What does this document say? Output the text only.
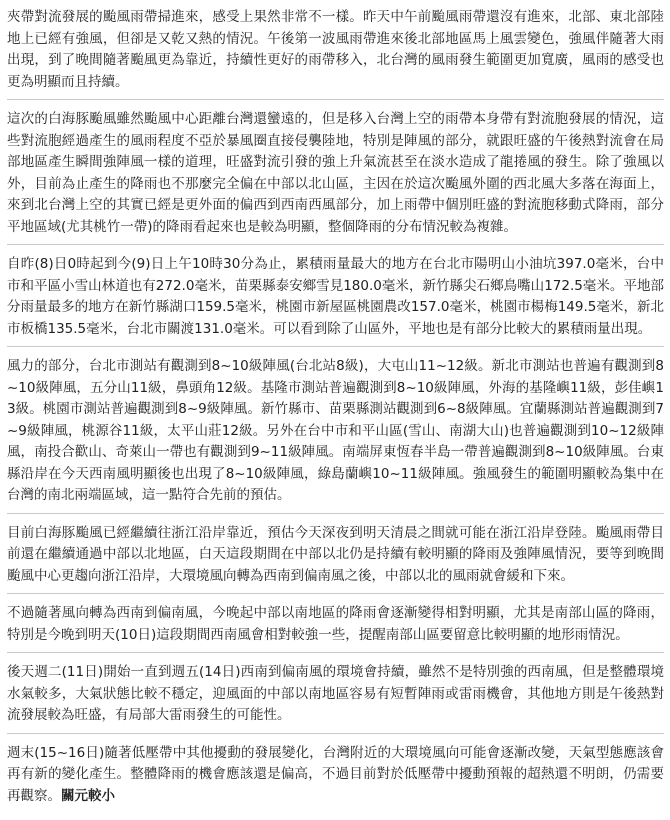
夾帶對流發展的颱風雨帶掃進來，感受上果然非常不一樣。昨天中午前颱風雨帶還沒有進來，北部、東北部陸地上已經有強風，但卻是又乾又熱的情況。午後第一波風雨帶進來後北部地區馬上風雲變色，強風伴隨著大雨出現，到了晚間隨著颱風更為靠近，持續性更好的雨帶移入，北台灣的風雨發生範圍更加寬廣，風雨的感受也更為明顯而且持續。

這次的白海豚颱風雖然颱風中心距離台灣還蠻遠的，但是移入台灣上空的雨帶本身帶有對流胞發展的情況，這些對流胞經過產生的風雨程度不亞於暴風圈直接侵襲陸地，特別是陣風的部分，就跟旺盛的午後熱對流會在局部地區產生瞬間強陣風一樣的道理，旺盛對流引發的強上升氣流甚至在淡水造成了龍捲風的發生。除了強風以外，目前為止產生的降雨也不那麼完全偏在中部以北山區，主因在於這次颱風外圍的西北風大多落在海面上，來到北台灣上空的其實已經是更外面的偏西到西南西風部分，加上雨帶中個別旺盛的對流胞移動式降雨，部分平地區域(尤其桃竹一帶)的降雨看起來也是較為明顯，整個降雨的分布情況較為複雜。

自昨(8)日0時起到今(9)日上午10時30分為止，累積雨量最大的地方在台北市陽明山小油坑397.0毫米，台中市和平區小雪山林道也有272.0毫米，苗栗縣泰安鄉雪見180.0毫米，新竹縣尖石鄉鳥嘴山172.5毫米。平地部分雨量最多的地方在新竹縣湖口159.5毫米，桃園市新屋區桃園農改157.0毫米，桃園市楊梅149.5毫米，新北市板橋135.5毫米，台北市關渡131.0毫米。可以看到除了山區外，平地也是有部分比較大的累積雨量出現。

風力的部分，台北市測站有觀測到8~10級陣風(台北站8級)，大屯山11~12級。新北市測站也普遍有觀測到8~10級陣風，五分山11級，鼻頭角12級。基隆市測站普遍觀測到8~10級陣風，外海的基隆嶼11級，彭佳嶼13級。桃園市測站普遍觀測到8~9級陣風。新竹縣市、苗栗縣測站觀測到6~8級陣風。宜蘭縣測站普遍觀測到7~9級陣風，桃源谷11級，太平山莊12級。另外在台中市和平山區(雪山、南湖大山)也普遍觀測到10~12級陣風，南投合歡山、奇萊山一帶也有觀測到9~11級陣風。南端屏東恆春半島一帶普遍觀測到8~10級陣風。台東縣沿岸在今天西南風明顯後也出現了8~10級陣風，綠島蘭嶼10~11級陣風。強風發生的範圍明顯較為集中在台灣的南北兩端區域，這一點符合先前的預估。

目前白海豚颱風已經繼續往浙江沿岸靠近，預估今天深夜到明天清晨之間就可能在浙江沿岸登陸。颱風雨帶目前還在繼續通過中部以北地區，白天這段期間在中部以北仍是持續有較明顯的降雨及強陣風情況，要等到晚間颱風中心更趨向浙江沿岸，大環境風向轉為西南到偏南風之後，中部以北的風雨就會緩和下來。

不過隨著風向轉為西南到偏南風，今晚起中部以南地區的降雨會逐漸變得相對明顯，尤其是南部山區的降雨，特別是今晚到明天(10日)這段期間西南風會相對較強一些，提醒南部山區要留意比較明顯的地形雨情況。

後天週二(11日)開始一直到週五(14日)西南到偏南風的環境會持續，雖然不是特別強的西南風，但是整體環境水氣較多，大氣狀態比較不穩定，迎風面的中部以南地區容易有短暫陣雨或雷雨機會，其他地方則是午後熱對流發展較為旺盛，有局部大雷雨發生的可能性。

週末(15~16日)隨著低壓帶中其他擾動的發展變化，台灣附近的大環境風向可能會逐漸改變，天氣型態應該會再有新的變化產生。整體降雨的機會應該還是偏高，不過目前對於低壓帶中擾動預報的超熱還不明朗，仍需要再觀察。關元較小
